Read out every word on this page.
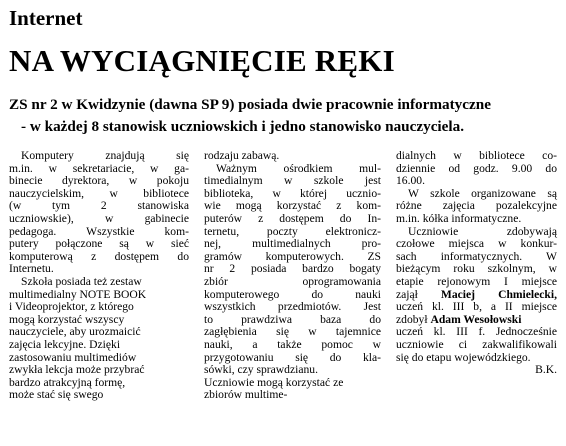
Internet
NA WYCIĄGNIĘCIE RĘKI
ZS nr 2 w Kwidzynie (dawna SP 9) posiada dwie pracownie informatyczne
- w każdej 8 stanowisk uczniowskich i jedno stanowisko nauczyciela.
Komputery znajdują się
m.in. w sekretariacie, w ga-
binecie dyrektora, w pokoju
nauczycielskim, w bibliotece
(w tym 2 stanowiska
uczniowskie), w gabinecie
pedagoga. Wszystkie kom-
putery połączone są w sieć
komputerową z dostępem do
Internetu.
Szkoła posiada też zestaw
multimedialny NOTE BOOK
i Videoprojektor, z którego
mogą korzystać wszyscy
nauczyciele, aby urozmaicić
zajęcia lekcyjne. Dzięki
zastosowaniu multimediów
zwykła lekcja może przybrać
bardzo atrakcyjną formę,
może stać się swego
rodzaju zabawą.
Ważnym ośrodkiem mul-
timedialnym w szkole jest
biblioteka, w której ucznio-
wie mogą korzystać z kom-
puterów z dostępem do In-
ternetu, poczty elektronicz-
nej, multimedialnych pro-
gramów komputerowych. ZS
nr 2 posiada bardzo bogaty
zbiór oprogramowania
komputerowego do nauki
wszystkich przedmiotów. Jest
to prawdziwa baza do
zagłębienia się w tajemnice
nauki, a także pomoc w
przygotowaniu się do kla-
sówki, czy sprawdzianu.
Uczniowie mogą korzystać ze
zbiorów multime-
dialnych w bibliotece co-
dziennie od godz. 9.00 do
16.00.
W szkole organizowane są
różne zajęcia pozalekcyjne
m.in. kółka informatyczne.
Uczniowie zdobywają
czołowe miejsca w konkur-
sach informatycznych. W
bieżącym roku szkolnym, w
etapie rejonowym I miejsce
zajął Maciej Chmielecki,
uczeń kl. III b, a II miejsce
zdobył Adam Wesołowski
uczeń kl. III f. Jednocześnie
uczniowie ci zakwalifikowali
się do etapu wojewódzkiego.
B.K.
